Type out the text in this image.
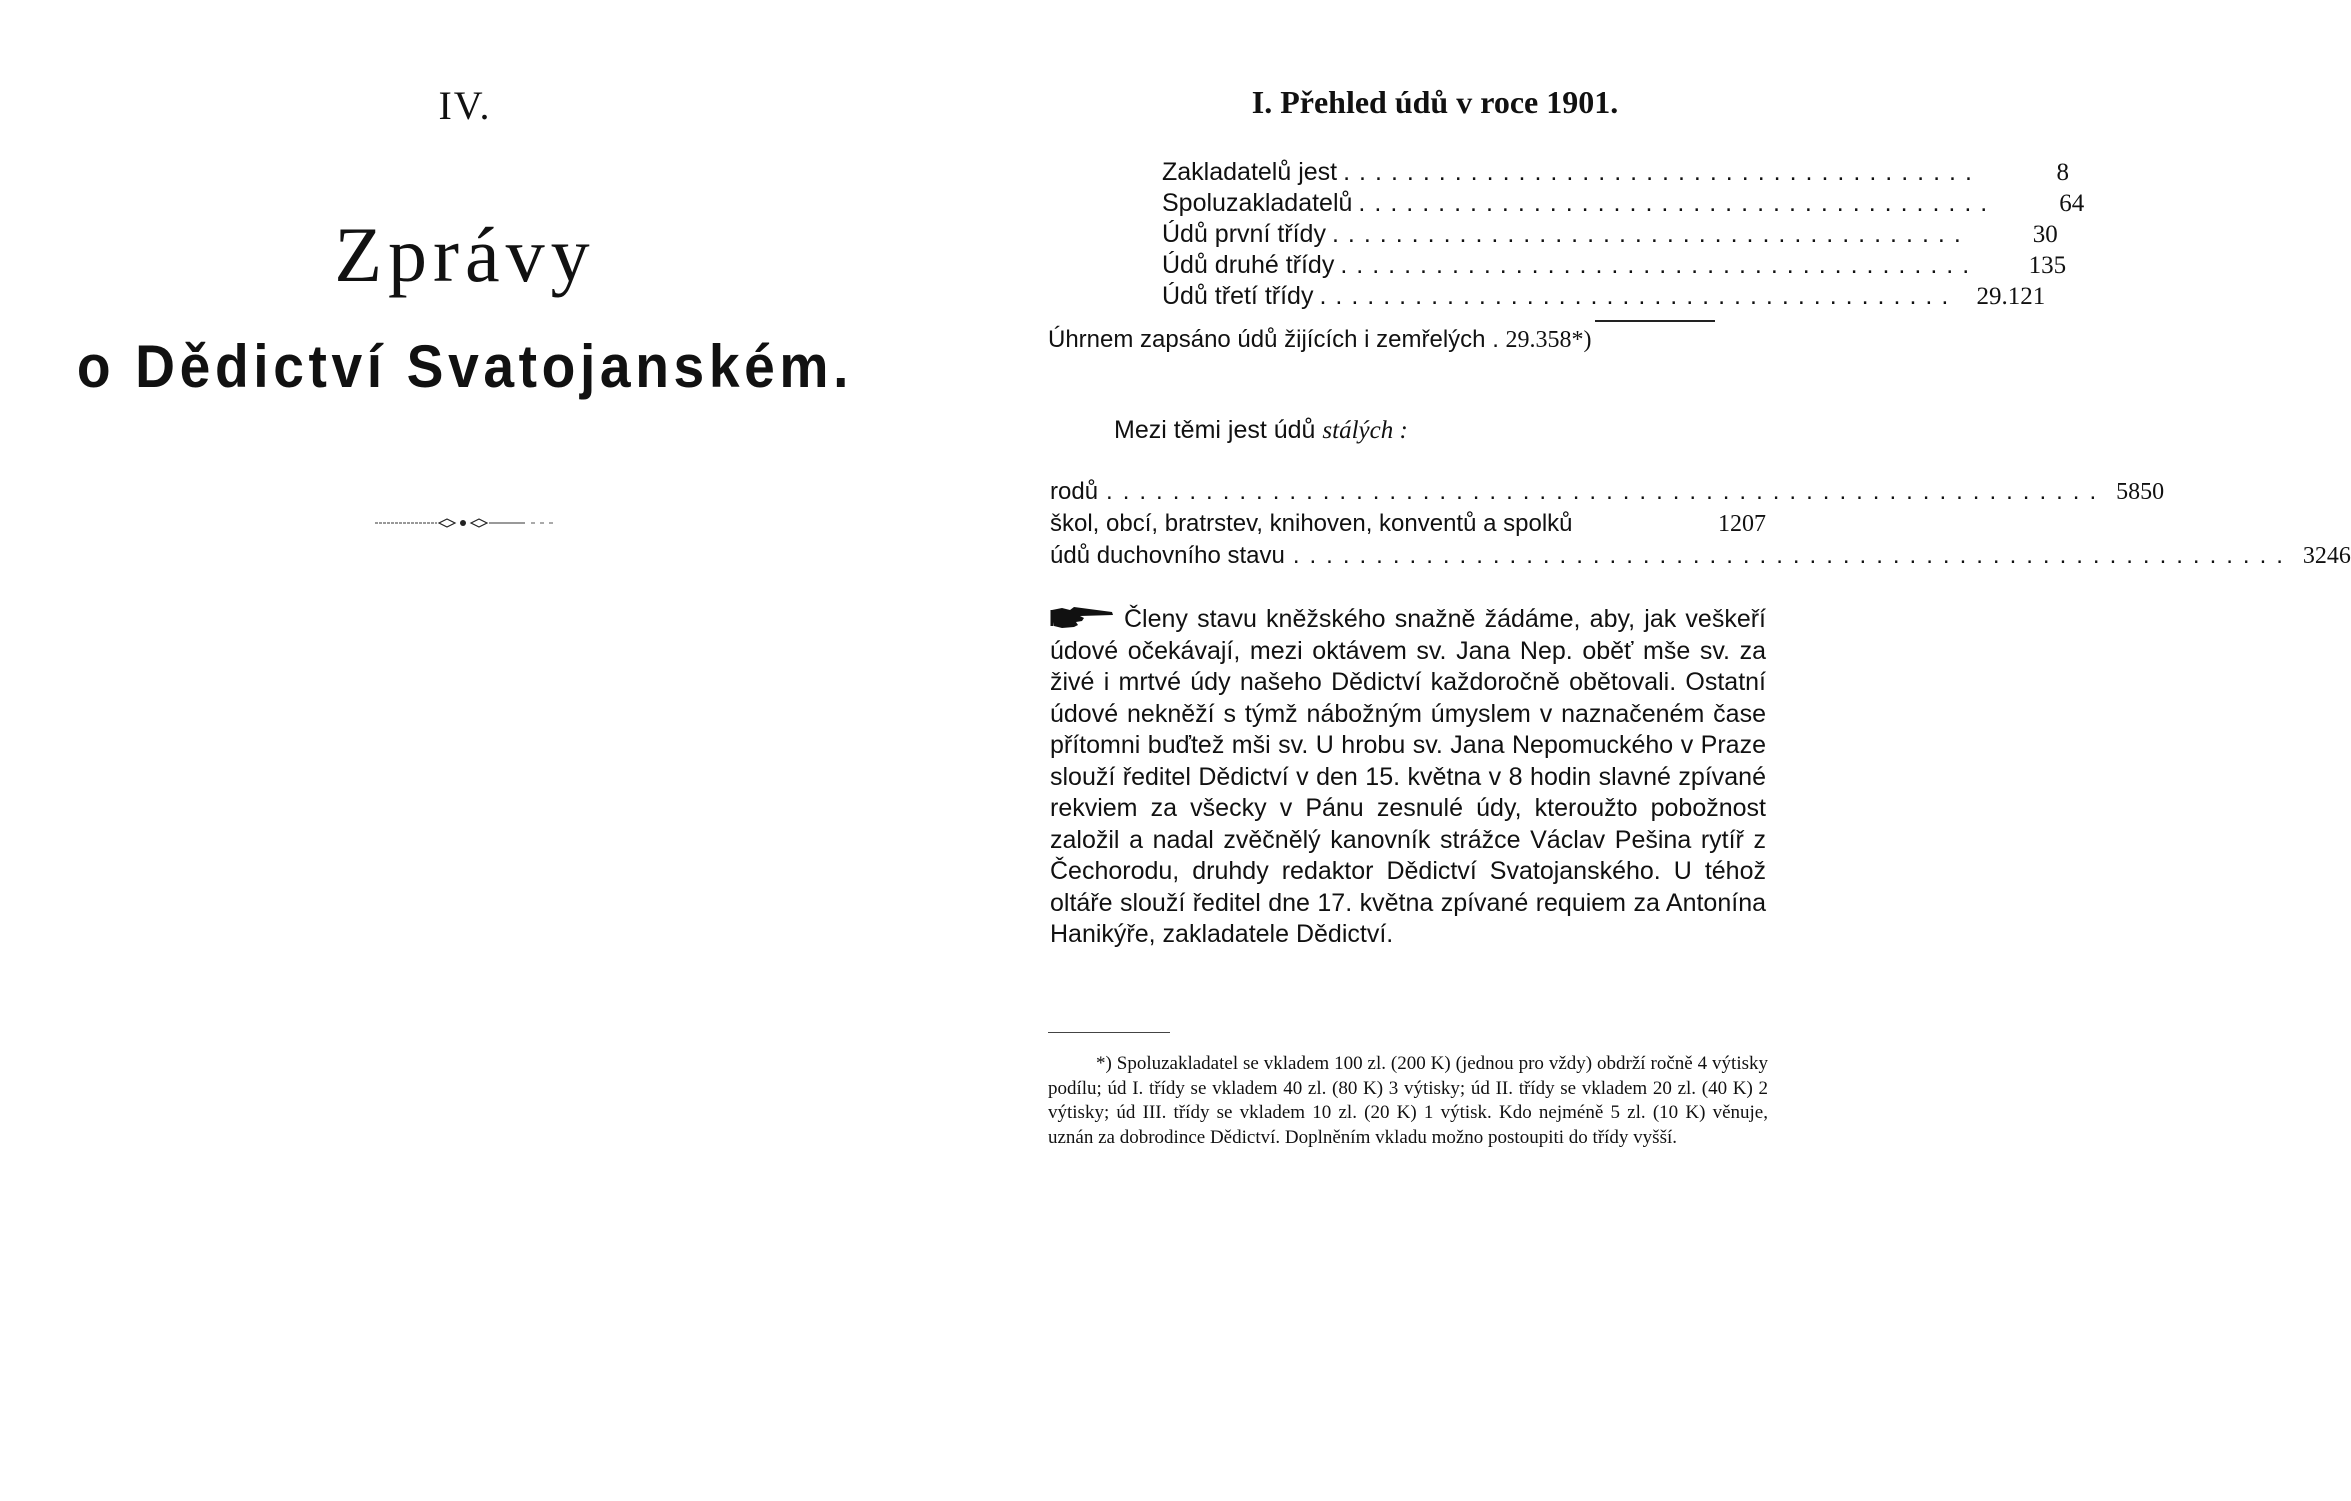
IV.
Zprávy
o Dědictví Svatojanském.
I. Přehled údů v roce 1901.
Zakladatelů jest ........................................	8
Spoluzakladatelů ........................................	64
Údů první třídy ........................................	30
Údů druhé třídy ........................................	135
Údů třetí třídy ........................................ 29.121
Úhrnem zapsáno údů žijících i zemřelých . 29.358*)
Mezi těmi jest údů stálých :
rodů ............................................................ 5850
škol, obcí, bratrstev, knihoven, konventů a spolků	1207
údů duchovního stavu ............................................................ 3246
Členy stavu kněžského snažně žádáme, aby, jak veškeří údové očekávají, mezi oktávem sv. Jana Nep. oběť mše sv. za živé i mrtvé údy našeho Dědictví každoročně obětovali. Ostatní údové nekněží s týmž nábožným úmyslem v naznačeném čase přítomni buďtež mši sv. U hrobu sv. Jana Nepomuckého v Praze slouží ředitel Dědictví v den 15. května v 8 hodin slavné zpívané rekviem za všecky v Pánu zesnulé údy, kteroužto pobožnost založil a nadal zvěčnělý kanovník strážce Václav Pešina rytíř z Čechorodu, druhdy redaktor Dědictví Svatojanského. U téhož oltáře slouží ředitel dne 17. května zpívané requiem za Antonína Hanikýře, zakladatele Dědictví.
*) Spoluzakladatel se vkladem 100 zl. (200 K) (jednou pro vždy) obdrží ročně 4 výtisky podílu; úd I. třídy se vkladem 40 zl. (80 K) 3 výtisky; úd II. třídy se vkladem 20 zl. (40 K) 2 výtisky; úd III. třídy se vkladem 10 zl. (20 K) 1 výtisk. Kdo nejméně 5 zl. (10 K) věnuje, uznán za dobrodince Dědictví. Doplněním vkladu možno postoupiti do třídy vyšší.
